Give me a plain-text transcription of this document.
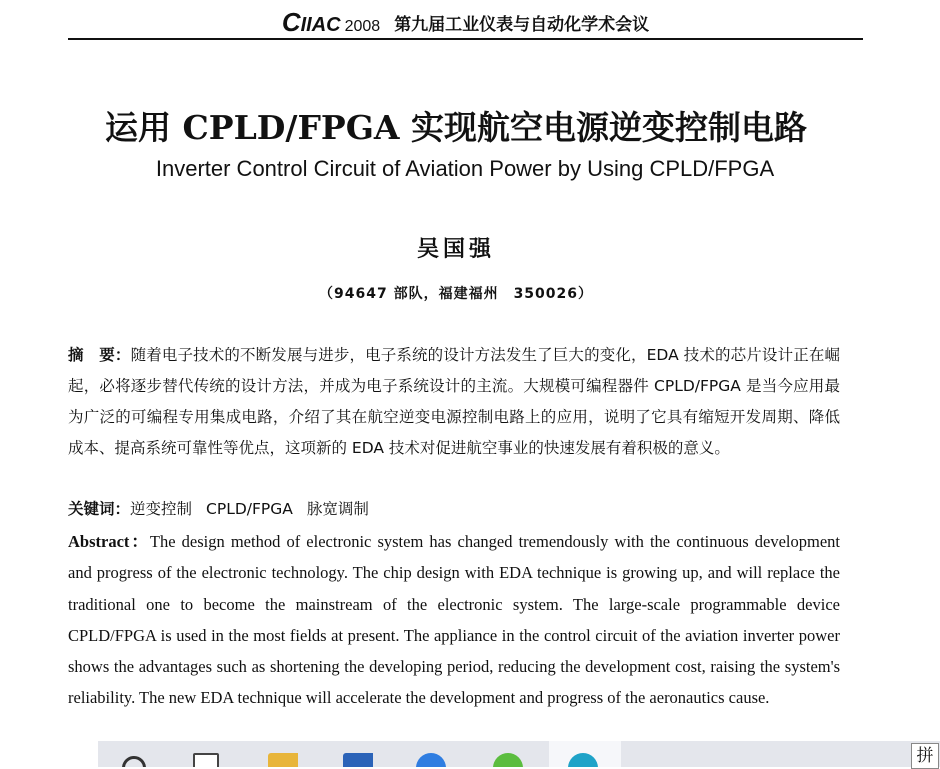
CIIAC 2008 第九届工业仪表与自动化学术会议
运用 CPLD/FPGA 实现航空电源逆变控制电路
Inverter Control Circuit of Aviation Power by Using CPLD/FPGA
吴国强
（94647 部队，福建福州　350026）
摘　要：随着电子技术的不断发展与进步，电子系统的设计方法发生了巨大的变化，EDA 技术的芯片设计正在崛起，必将逐步替代传统的设计方法，并成为电子系统设计的主流。大规模可编程器件 CPLD/FPGA 是当今应用最为广泛的可编程专用集成电路，介绍了其在航空逆变电源控制电路上的应用，说明了它具有缩短开发周期、降低成本、提高系统可靠性等优点，这项新的 EDA 技术对促进航空事业的快速发展有着积极的意义。
关键词：逆变控制 CPLD/FPGA 脉宽调制
Abstract：The design method of electronic system has changed tremendously with the continuous development and progress of the electronic technology. The chip design with EDA technique is growing up, and will replace the traditional one to become the mainstream of the electronic system. The large-scale programmable device CPLD/FPGA is used in the most fields at present. The appliance in the control circuit of the aviation inverter power shows the advantages such as shortening the developing period, reducing the development cost, raising the system's reliability. The new EDA technique will accelerate the development and progress of the aeronautics cause.
拼
